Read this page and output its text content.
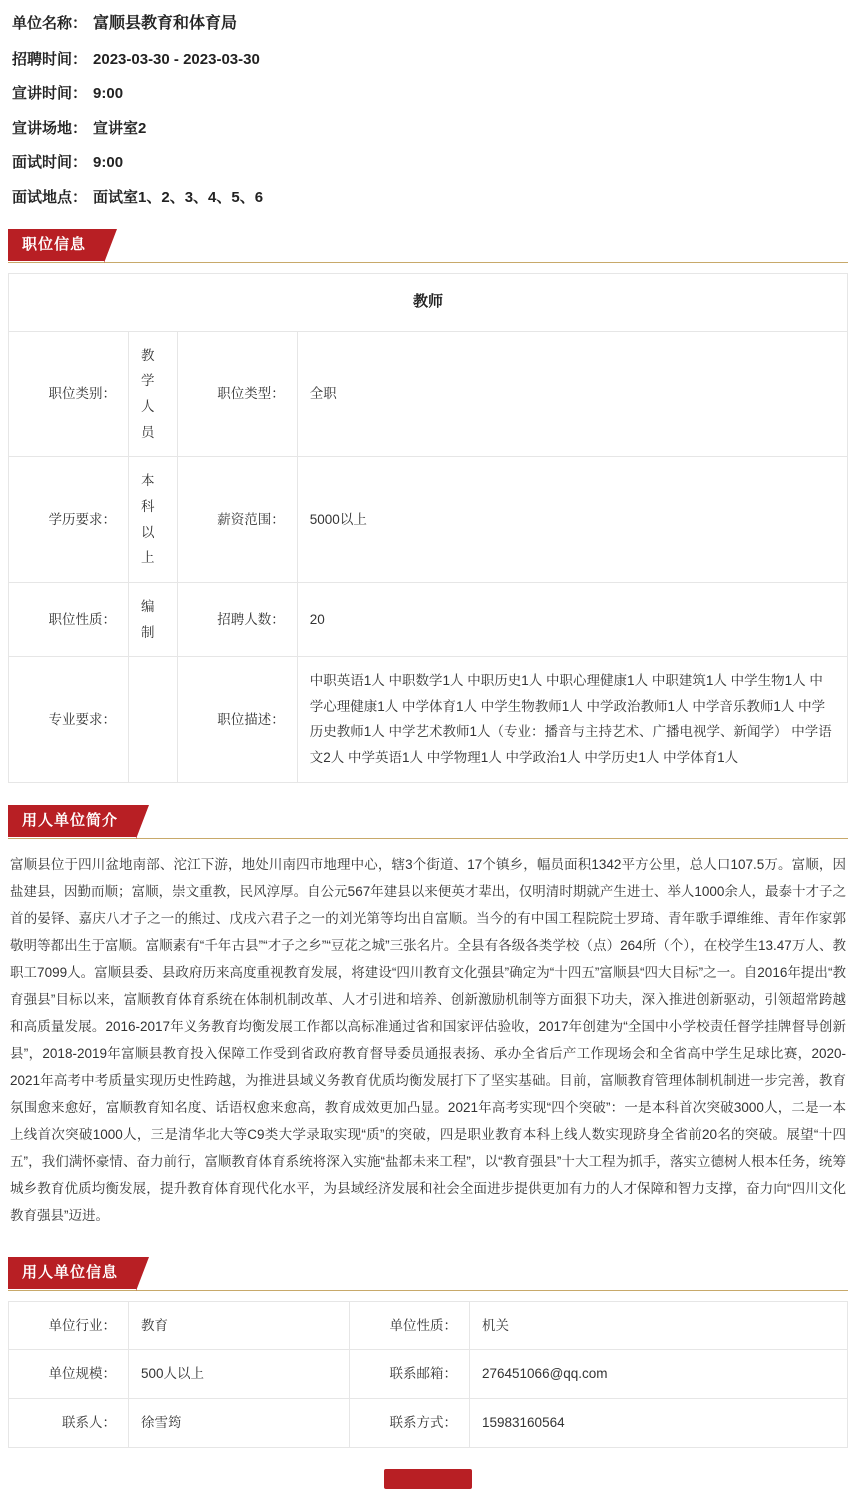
单位名称： 富顺县教育和体育局
招聘时间： 2023-03-30 - 2023-03-30
宣讲时间： 9:00
宣讲场地： 宣讲室2
面试时间： 9:00
面试地点： 面试室1、2、3、4、5、6
职位信息
教师			
职位类别：	教学人员	职位类型：	全职
学历要求：	本科以上	薪资范围：	5000以上
职位性质：	编制	招聘人数：	20
专业要求：		职位描述：	中职英语1人 中职数学1人 中职历史1人 中职心理健康1人 中职建筑1人 中学生物1人 中学心理健康1人 中学体育1人 中学生物教师1人 中学政治教师1人 中学音乐教师1人 中学历史教师1人 中学艺术教师1人（专业：播音与主持艺术、广播电视学、新闻学） 中学语文2人 中学英语1人 中学物理1人 中学政治1人 中学历史1人 中学体育1人
用人单位简介
富顺县位于四川盆地南部、沱江下游，地处川南四市地理中心，辖3个街道、17个镇乡，幅员面积1342平方公里，总人口107.5万。富顺，因盐建县，因勤而顺；富顺，崇文重教，民风淳厚。自公元567年建县以来便英才辈出，仅明清时期就产生进士、举人1000余人，最泰十才子之首的晏铎、嘉庆八才子之一的熊过、戊戌六君子之一的刘光第等均出自富顺。当今的有中国工程院院士罗琦、青年歌手谭维维、青年作家郭敬明等都出生于富顺。富顺素有“千年古县”“才子之乡”“豆花之城”三张名片。全县有各级各类学校（点）264所（个），在校学生13.47万人、教职工7099人。富顺县委、县政府历来高度重视教育发展，将建设“四川教育文化强县”确定为“十四五”富顺县“四大目标”之一。自2016年提出“教育强县”目标以来，富顺教育体育系统在体制机制改革、人才引进和培养、创新激励机制等方面狠下功夫，深入推进创新驱动，引领超常跨越和高质量发展。2016-2017年义务教育均衡发展工作都以高标准通过省和国家评估验收，2017年创建为“全国中小学校责任督学挂牌督导创新县”，2018-2019年富顺县教育投入保障工作受到省政府教育督导委员通报表扬、承办全省后产工作现场会和全省高中学生足球比赛，2020-2021年高考中考质量实现历史性跨越，为推进县域义务教育优质均衡发展打下了坚实基础。目前，富顺教育管理体制机制进一步完善，教育氛围愈来愈好，富顺教育知名度、话语权愈来愈高，教育成效更加凸显。2021年高考实现“四个突破”：一是本科首次突破3000人，二是一本上线首次突破1000人，三是清华北大等C9类大学录取实现“质”的突破，四是职业教育本科上线人数实现跻身全省前20名的突破。展望“十四五”，我们满怀豪情、奋力前行，富顺教育体育系统将深入实施“盐都未来工程”，以“教育强县”十大工程为抓手，落实立德树人根本任务，统筹城乡教育优质均衡发展，提升教育体育现代化水平，为县域经济发展和社会全面进步提供更加有力的人才保障和智力支撑，奋力向“四川文化教育强县”迈进。
用人单位信息
单位行业：	教育	单位性质：	机关
单位规模：	500人以上	联系邮箱：	276451066@qq.com
联系人：	徐雪筠	联系方式：	15983160564
